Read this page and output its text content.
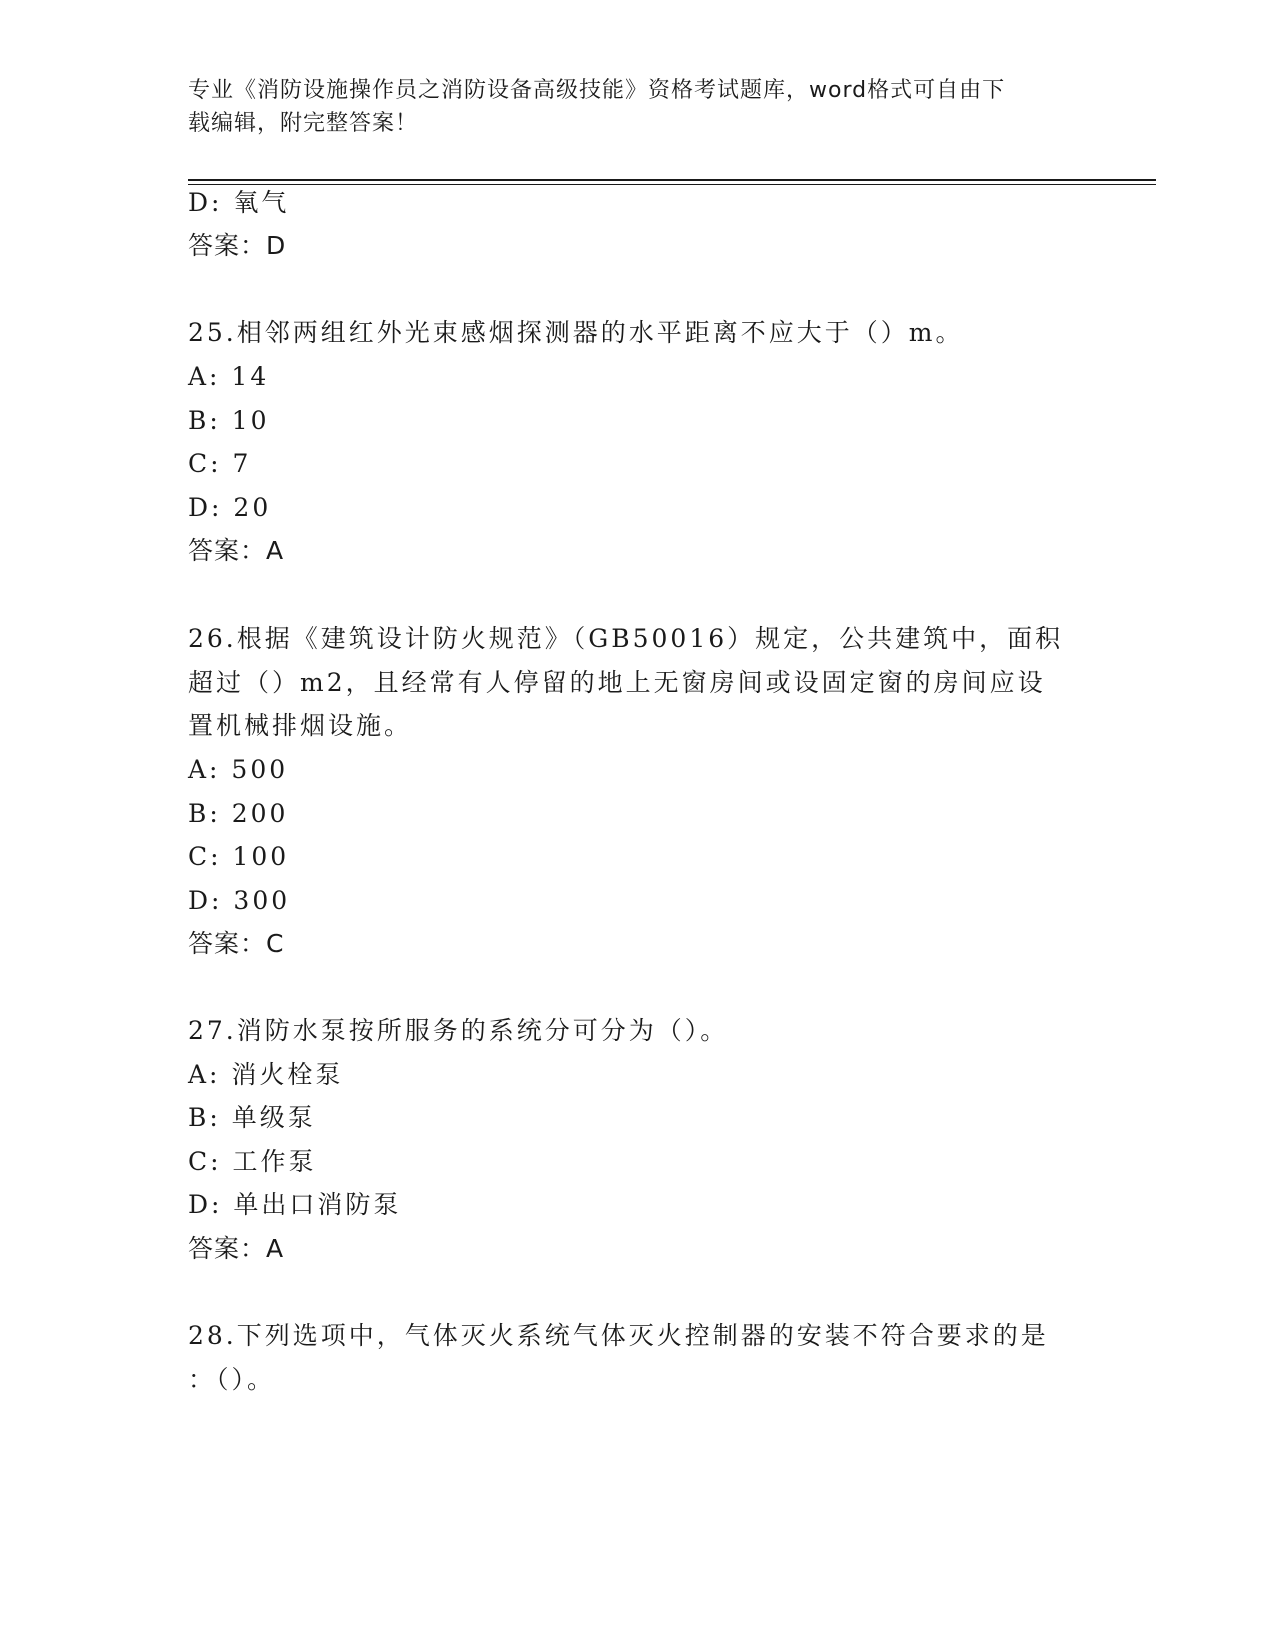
专业《消防设施操作员之消防设备高级技能》资格考试题库，word格式可自由下
载编辑，附完整答案！
D: 氧气
答案：D
25.相邻两组红外光束感烟探测器的水平距离不应大于（）m。
A: 14
B: 10
C: 7
D: 20
答案：A
26.根据《建筑设计防火规范》（GB50016）规定，公共建筑中，面积
超过（）m2，且经常有人停留的地上无窗房间或设固定窗的房间应设
置机械排烟设施。
A: 500
B: 200
C: 100
D: 300
答案：C
27.消防水泵按所服务的系统分可分为（）。
A: 消火栓泵
B: 单级泵
C: 工作泵
D: 单出口消防泵
答案：A
28.下列选项中，气体灭火系统气体灭火控制器的安装不符合要求的是
：（）。
